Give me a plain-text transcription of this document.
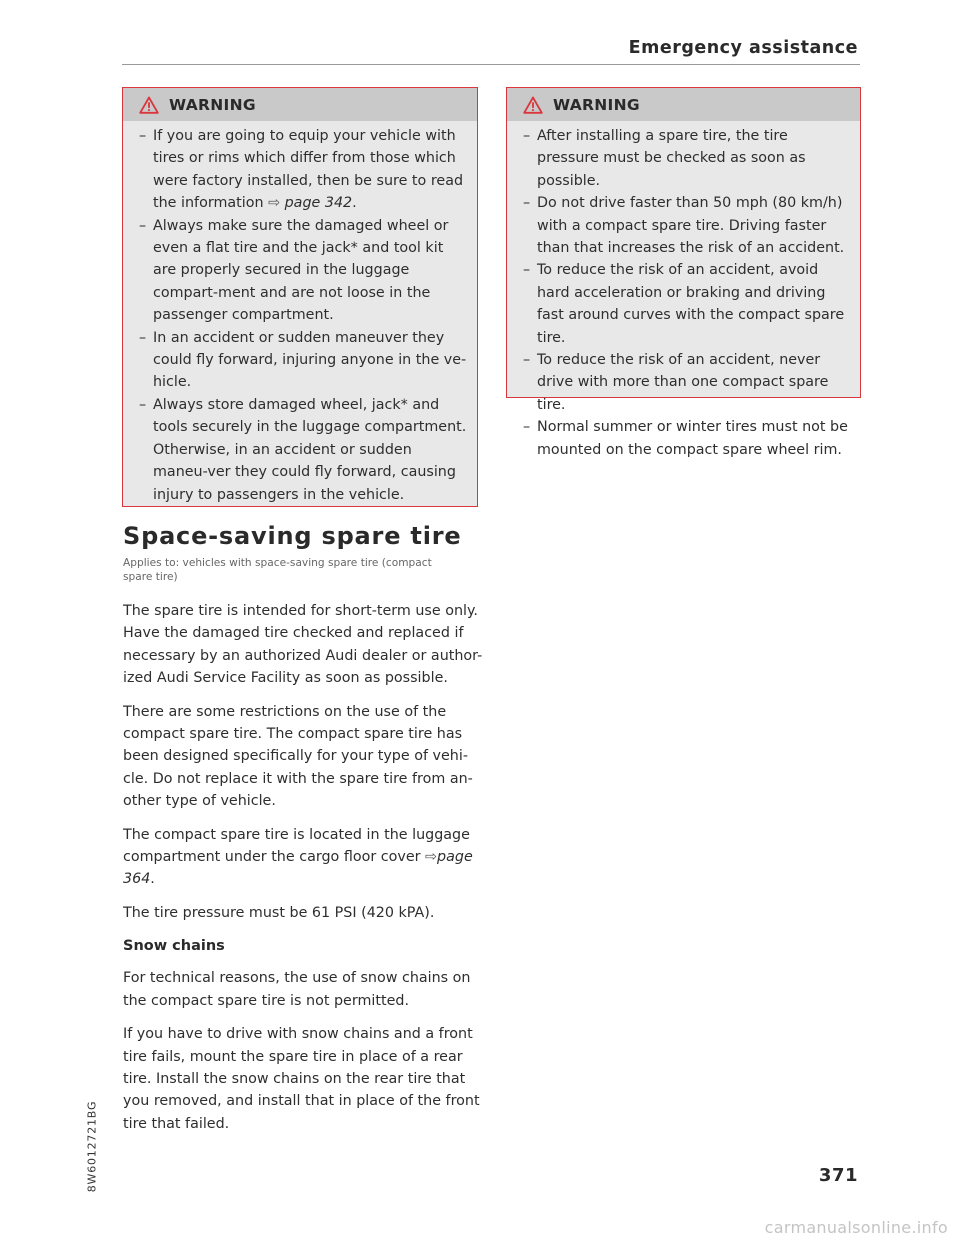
Emergency assistance
WARNING
– If you are going to equip your vehicle with tires or rims which differ from those which were factory installed, then be sure to read the information ⇨ page 342.
– Always make sure the damaged wheel or even a flat tire and the jack* and tool kit are properly secured in the luggage compart-ment and are not loose in the passenger compartment.
– In an accident or sudden maneuver they could fly forward, injuring anyone in the ve-hicle.
– Always store damaged wheel, jack* and tools securely in the luggage compartment. Otherwise, in an accident or sudden maneu-ver they could fly forward, causing injury to passengers in the vehicle.
WARNING
– After installing a spare tire, the tire pressure must be checked as soon as possible.
– Do not drive faster than 50 mph (80 km/h) with a compact spare tire. Driving faster than that increases the risk of an accident.
– To reduce the risk of an accident, avoid hard acceleration or braking and driving fast around curves with the compact spare tire.
– To reduce the risk of an accident, never drive with more than one compact spare tire.
– Normal summer or winter tires must not be mounted on the compact spare wheel rim.
Space-saving spare tire
Applies to: vehicles with space-saving spare tire (compact spare tire)

The spare tire is intended for short-term use only. Have the damaged tire checked and replaced if necessary by an authorized Audi dealer or author-ized Audi Service Facility as soon as possible.

There are some restrictions on the use of the compact spare tire. The compact spare tire has been designed specifically for your type of vehi-cle. Do not replace it with the spare tire from an-other type of vehicle.

The compact spare tire is located in the luggage compartment under the cargo floor cover ⇨page 364.

The tire pressure must be 61 PSI (420 kPA).

Snow chains

For technical reasons, the use of snow chains on the compact spare tire is not permitted.

If you have to drive with snow chains and a front tire fails, mount the spare tire in place of a rear tire. Install the snow chains on the rear tire that you removed, and install that in place of the front tire that failed.

8W6012721BG	371
carmanualsonline.info
